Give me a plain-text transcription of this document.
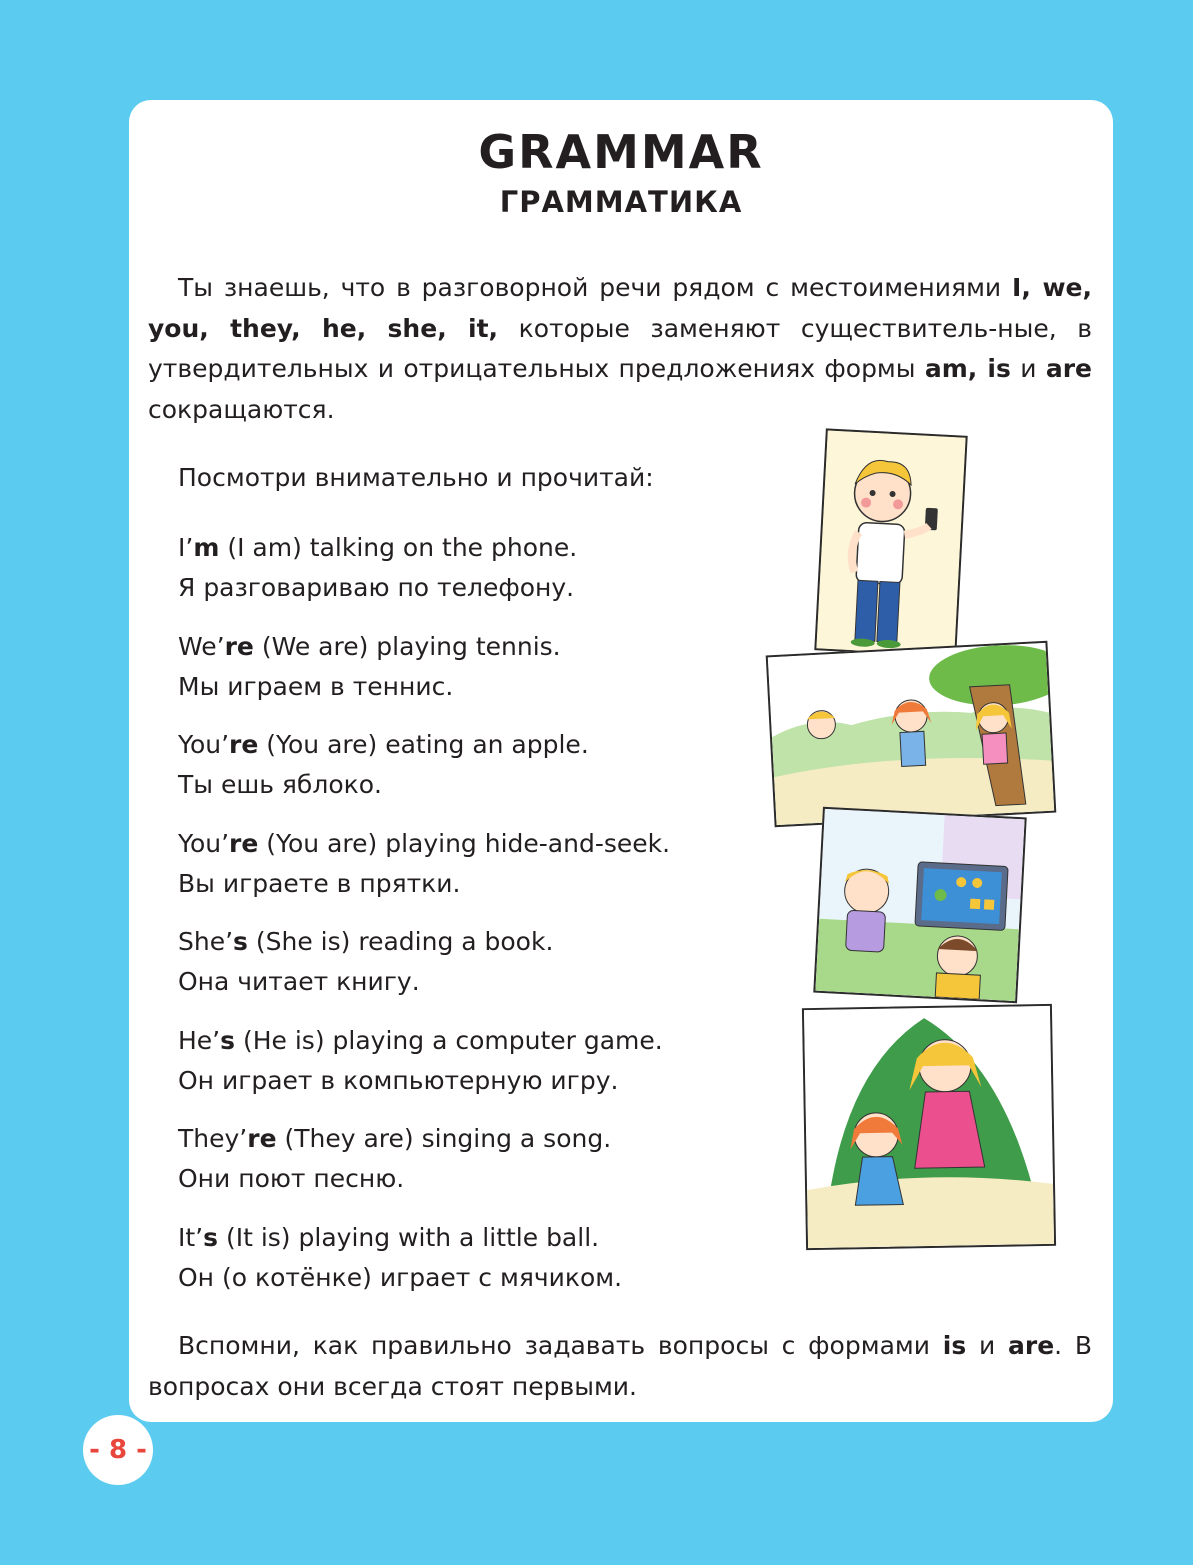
GRAMMAR
ГРАММАТИКА
Ты знаешь, что в разговорной речи рядом с местоимениями I, we, you, they, he, she, it, которые заменяют существитель-ные, в утвердительных и отрицательных предложениях формы am, is и are сокращаются.
Посмотри внимательно и прочитай:
I’m (I am) talking on the phone.
Я разговариваю по телефону.
We’re (We are) playing tennis.
Мы играем в теннис.
You’re (You are) eating an apple.
Ты ешь яблоко.
You’re (You are) playing hide-and-seek.
Вы играете в прятки.
She’s (She is) reading a book.
Она читает книгу.
He’s (He is) playing a computer game.
Он играет в компьютерную игру.
They’re (They are) singing a song.
Они поют песню.
It’s (It is) playing with a little ball.
Он (о котёнке) играет с мячиком.
Вспомни, как правильно задавать вопросы с формами is и are. В вопросах они всегда стоят первыми.
- 8 -
